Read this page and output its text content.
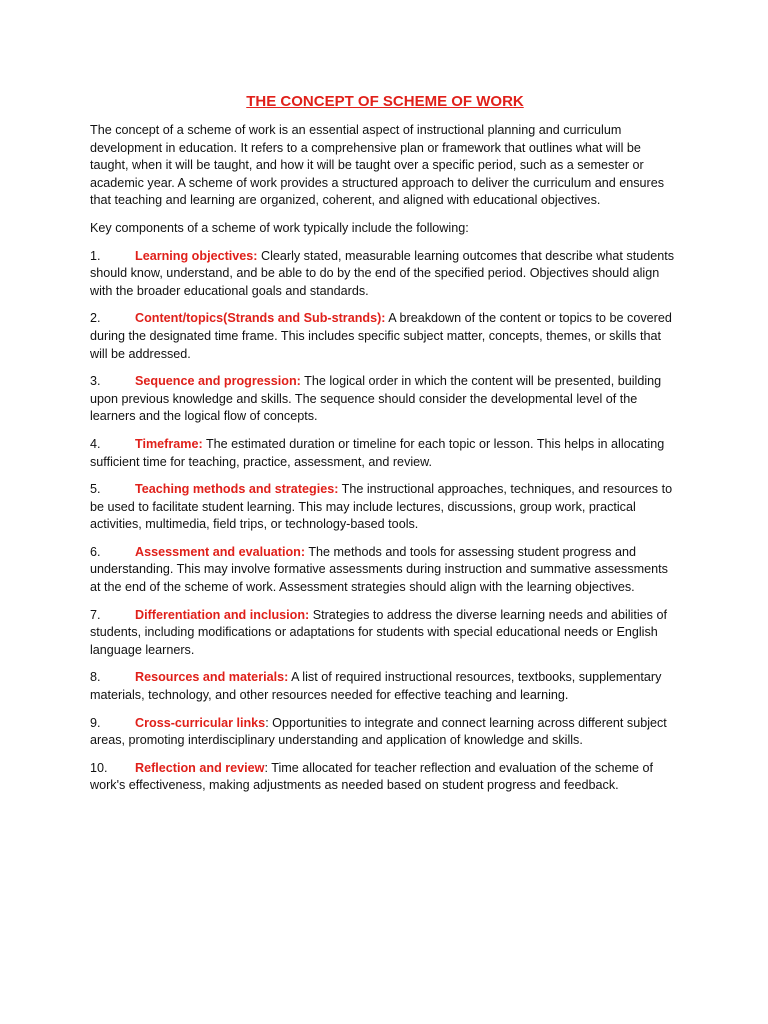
THE CONCEPT OF SCHEME OF WORK

The concept of a scheme of work is an essential aspect of instructional planning and curriculum development in education. It refers to a comprehensive plan or framework that outlines what will be taught, when it will be taught, and how it will be taught over a specific period, such as a semester or academic year. A scheme of work provides a structured approach to deliver the curriculum and ensures that teaching and learning are organized, coherent, and aligned with educational objectives.

Key components of a scheme of work typically include the following:

1.	Learning objectives: Clearly stated, measurable learning outcomes that describe what students should know, understand, and be able to do by the end of the specified period. Objectives should align with the broader educational goals and standards.

2.	Content/topics(Strands and Sub-strands): A breakdown of the content or topics to be covered during the designated time frame. This includes specific subject matter, concepts, themes, or skills that will be addressed.

3.	Sequence and progression: The logical order in which the content will be presented, building upon previous knowledge and skills. The sequence should consider the developmental level of the learners and the logical flow of concepts.

4.	Timeframe: The estimated duration or timeline for each topic or lesson. This helps in allocating sufficient time for teaching, practice, assessment, and review.

5.	Teaching methods and strategies: The instructional approaches, techniques, and resources to be used to facilitate student learning. This may include lectures, discussions, group work, practical activities, multimedia, field trips, or technology-based tools.

6.	Assessment and evaluation: The methods and tools for assessing student progress and understanding. This may involve formative assessments during instruction and summative assessments at the end of the scheme of work. Assessment strategies should align with the learning objectives.

7.	Differentiation and inclusion: Strategies to address the diverse learning needs and abilities of students, including modifications or adaptations for students with special educational needs or English language learners.

8.	Resources and materials: A list of required instructional resources, textbooks, supplementary materials, technology, and other resources needed for effective teaching and learning.

9.	Cross-curricular links: Opportunities to integrate and connect learning across different subject areas, promoting interdisciplinary understanding and application of knowledge and skills.

10. Reflection and review: Time allocated for teacher reflection and evaluation of the scheme of work's effectiveness, making adjustments as needed based on student progress and feedback.
